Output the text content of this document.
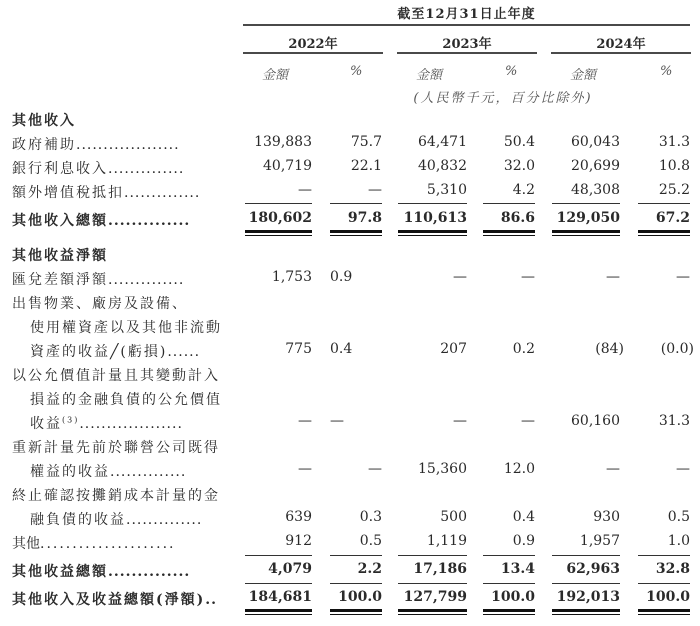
截至12月31日止年度
2022年	2023年	2024年
金額	%	金額	%	金額	%
(人民幣千元，百分比除外)
其他收入
政府補助...................	139,883	75.7	64,471	50.4	60,043	31.3
銀行利息收入..............	40,719	22.1	40,832	32.0	20,699	10.8
額外增值稅抵扣..............	—	—	5,310	4.2	48,308	25.2
其他收入總額..............	180,602	97.8	110,613	86.6	129,050	67.2
其他收益淨額
匯兌差額淨額..............	1,753 0.9	—	—	—	—
出售物業、廠房及設備、
使用權資產以及其他非流動
資產的收益╱(虧損)......	775 0.4	207	0.2	(84)	(0.0)
以公允價值計量且其變動計入
損益的金融負債的公允價值
收益$^{(3)}$...................	— —	—	—	60,160	31.3
重新計量先前於聯營公司既得
權益的收益..............	—	—	15,360	12.0	—	—
終止確認按攤銷成本計量的金
融負債的收益..............	639	0.3	500	0.4	930	0.5
其他.....................	912	0.5	1,119	0.9	1,957	1.0
其他收益總額..............	4,079	2.2	17,186	13.4	62,963	32.8
其他收入及收益總額(淨額)..	184,681	100.0	127,799	100.0	192,013	100.0
